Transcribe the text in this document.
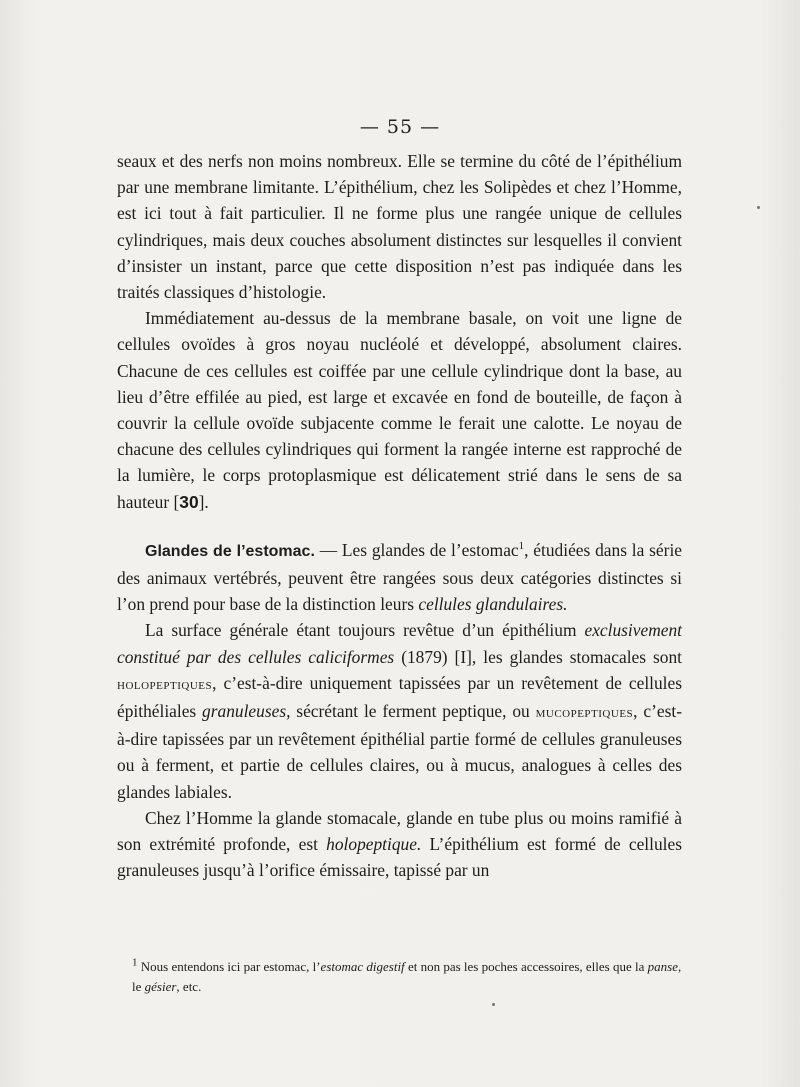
— 55 —

seaux et des nerfs non moins nombreux. Elle se termine du côté de l’épithélium par une membrane limitante. L’épithélium, chez les Solipèdes et chez l’Homme, est ici tout à fait particulier. Il ne forme plus une rangée unique de cellules cylindriques, mais deux couches absolument distinctes sur lesquelles il convient d’insister un instant, parce que cette disposition n’est pas indiquée dans les traités classiques d’histologie.

Immédiatement au-dessus de la membrane basale, on voit une ligne de cellules ovoïdes à gros noyau nucléolé et développé, absolument claires. Chacune de ces cellules est coiffée par une cellule cylindrique dont la base, au lieu d’être effilée au pied, est large et excavée en fond de bouteille, de façon à couvrir la cellule ovoïde subjacente comme le ferait une calotte. Le noyau de chacune des cellules cylindriques qui forment la rangée interne est rapproché de la lumière, le corps protoplasmique est délicatement strié dans le sens de sa hauteur [30].

Glandes de l’estomac. — Les glandes de l’estomac$^1$, étudiées dans la série des animaux vertébrés, peuvent être rangées sous deux catégories distinctes si l’on prend pour base de la distinction leurs cellules glandulaires.

La surface générale étant toujours revêtue d’un épithélium exclusivement constitué par des cellules caliciformes (1879) [I], les glandes stomacales sont holopeptiques, c’est-à-dire uniquement tapissées par un revêtement de cellules épithéliales granuleuses, sécrétant le ferment peptique, ou mucopeptiques, c’est-à-dire tapissées par un revêtement épithélial partie formé de cellules granuleuses ou à ferment, et partie de cellules claires, ou à mucus, analogues à celles des glandes labiales.

Chez l’Homme la glande stomacale, glande en tube plus ou moins ramifié à son extrémité profonde, est holopeptique. L’épithélium est formé de cellules granuleuses jusqu’à l’orifice émissaire, tapissé par un

$^1$ Nous entendons ici par estomac, l’estomac digestif et non pas les poches accessoires, elles que la panse, le gésier, etc.
